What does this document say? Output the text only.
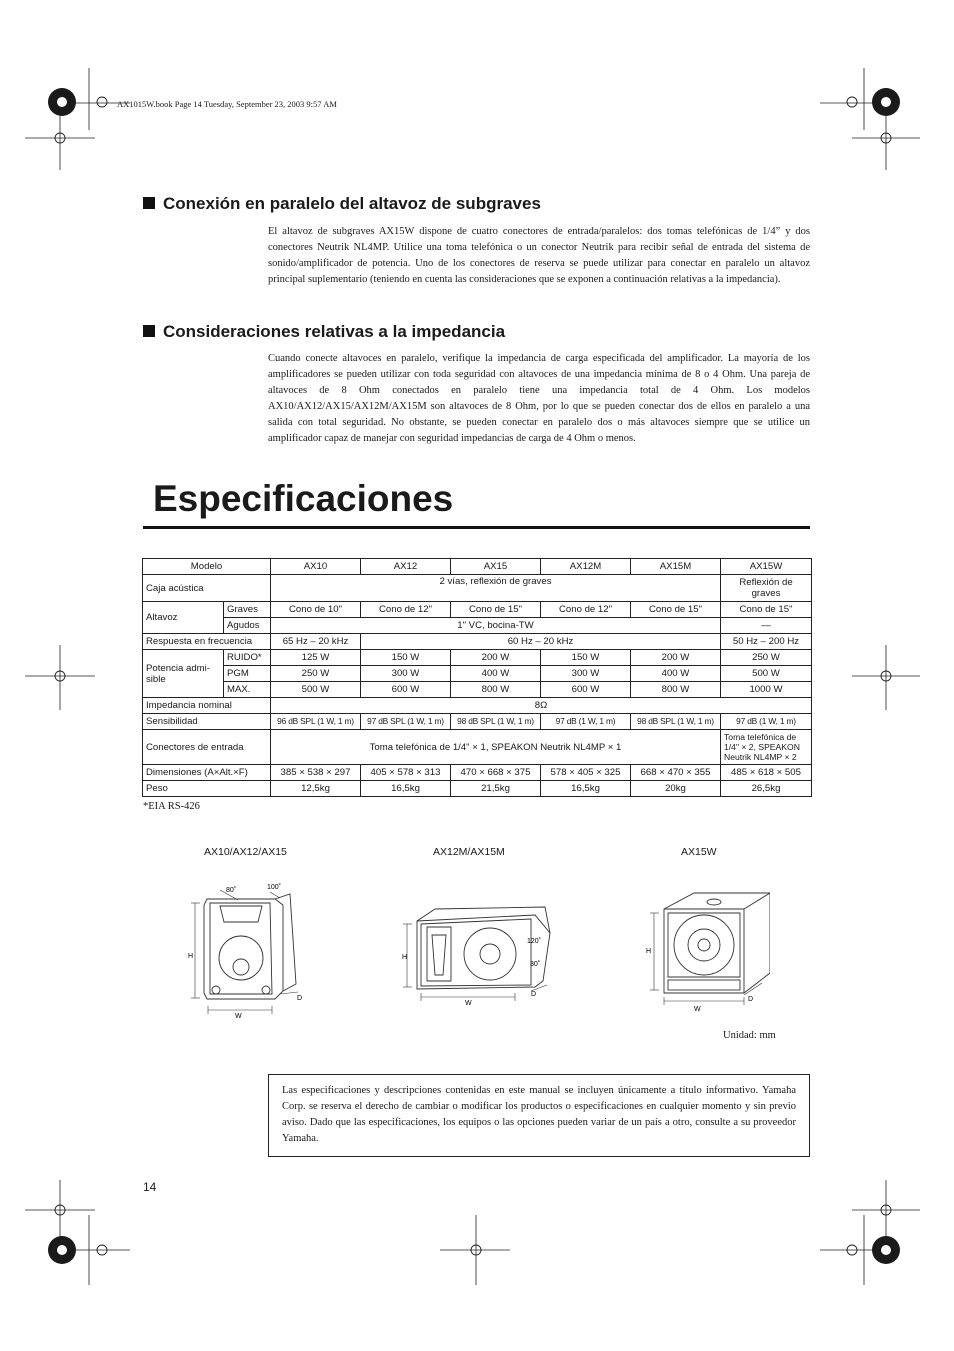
AX1015W.book Page 14 Tuesday, September 23, 2003 9:57 AM
Conexión en paralelo del altavoz de subgraves
El altavoz de subgraves AX15W dispone de cuatro conectores de entrada/paralelos: dos tomas telefónicas de 1/4” y dos conectores Neutrik NL4MP. Utilice una toma telefónica o un conector Neutrik para recibir señal de entrada del sistema de sonido/amplificador de potencia. Uno de los conectores de reserva se puede utilizar para conectar en paralelo un altavoz principal suplementario (teniendo en cuenta las consideraciones que se exponen a continuación relativas a la impedancia).
Consideraciones relativas a la impedancia
Cuando conecte altavoces en paralelo, verifique la impedancia de carga especificada del amplificador. La mayoría de los amplificadores se pueden utilizar con toda seguridad con altavoces de una impedancia mínima de 8 o 4 Ohm. Una pareja de altavoces de 8 Ohm conectados en paralelo tiene una impedancia total de 4 Ohm. Los modelos AX10/AX12/AX15/AX12M/AX15M son altavoces de 8 Ohm, por lo que se pueden conectar dos de ellos en paralelo a una salida con total seguridad. No obstante, se pueden conectar en paralelo dos o más altavoces siempre que se utilice un amplificador capaz de manejar con seguridad impedancias de carga de 4 Ohm o menos.
Especificaciones
Modelo		AX10	AX12	AX15	AX12M	AX15M	AX15W
Caja acústica		2 vías, reflexión de graves					Reflexión de graves
Altavoz	Graves	Cono de 10"	Cono de 12"	Cono de 15"	Cono de 12"	Cono de 15"	Cono de 15"
	Agudos	1" VC, bocina-TW					—
Respuesta en frecuencia		65 Hz – 20 kHz	60 Hz – 20 kHz				50 Hz – 200 Hz
Potencia admi-sible	RUIDO*	125 W	150 W	200 W	150 W	200 W	250 W
	PGM	250 W	300 W	400 W	300 W	400 W	500 W
	MAX.	500 W	600 W	800 W	600 W	800 W	1000 W
Impedancia nominal		8Ω					
Sensibilidad		96 dB SPL (1 W, 1 m)	97 dB SPL (1 W, 1 m)	98 dB SPL (1 W, 1 m)	97 dB (1 W, 1 m)	98 dB SPL (1 W, 1 m)	97 dB (1 W, 1 m)
Conectores de entrada		Toma telefónica de 1/4" × 1, SPEAKON Neutrik NL4MP × 1					Toma telefónica de 1/4" × 2, SPEAKON Neutrik NL4MP × 2
Dimensiones (A×Alt.×F)		385 × 538 × 297	405 × 578 × 313	470 × 668 × 375	578 × 405 × 325	668 × 470 × 355	485 × 618 × 505
Peso		12,5kg	16,5kg	21,5kg	16,5kg	20kg	26,5kg
*EIA RS-426
AX10/AX12/AX15	AX12M/AX15M	AX15W
80˚	100˚
H
W
D
120˚
30˚
H
W
D
H
W
D
Unidad: mm
Las especificaciones y descripciones contenidas en este manual se incluyen únicamente a título informativo. Yamaha Corp. se reserva el derecho de cambiar o modificar los productos o especificaciones en cualquier momento y sin previo aviso. Dado que las especificaciones, los equipos o las opciones pueden variar de un país a otro, consulte a su proveedor Yamaha.
14
